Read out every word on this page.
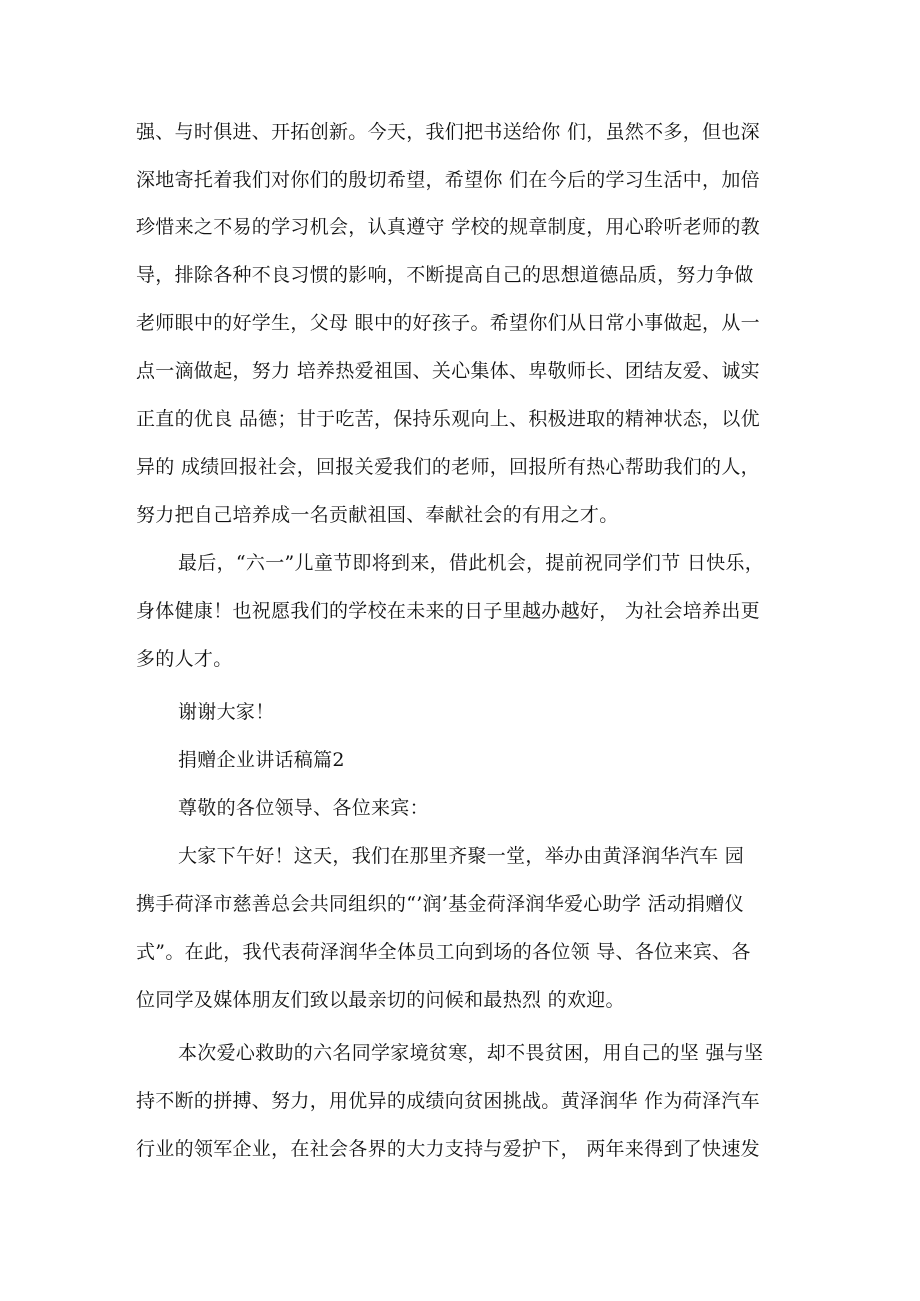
强、与时俱进、开拓创新。今天，我们把书送给你 们，虽然不多，但也深
深地寄托着我们对你们的殷切希望，希望你 们在今后的学习生活中，加倍
珍惜来之不易的学习机会，认真遵守 学校的规章制度，用心聆听老师的教
导，排除各种不良习惯的影响，不断提高自己的思想道德品质，努力争做
老师眼中的好学生，父母 眼中的好孩子。希望你们从日常小事做起，从一
点一滴做起，努力 培养热爱祖国、关心集体、卑敬师长、团结友爱、诚实
正直的优良 品德；甘于吃苦，保持乐观向上、积极进取的精神状态，以优
异的 成绩回报社会，回报关爱我们的老师，回报所有热心帮助我们的人，
努力把自己培养成一名贡献祖国、奉献社会的有用之才。
最后，“六一”儿童节即将到来，借此机会，提前祝同学们节 日快乐，
身体健康！也祝愿我们的学校在未来的日子里越办越好， 为社会培养出更
多的人才。
谢谢大家！
捐赠企业讲话稿篇2
尊敬的各位领导、各位来宾：
大家下午好！这天，我们在那里齐聚一堂，举办由黄泽润华汽车 园
携手荷泽市慈善总会共同组织的“’润’基金荷泽润华爱心助学 活动捐赠仪
式”。在此，我代表荷泽润华全体员工向到场的各位领 导、各位来宾、各
位同学及媒体朋友们致以最亲切的问候和最热烈 的欢迎。
本次爱心救助的六名同学家境贫寒，却不畏贫困，用自己的坚 强与坚
持不断的拼搏、努力，用优异的成绩向贫困挑战。黄泽润华 作为荷泽汽车
行业的领军企业，在社会各界的大力支持与爱护下， 两年来得到了快速发
